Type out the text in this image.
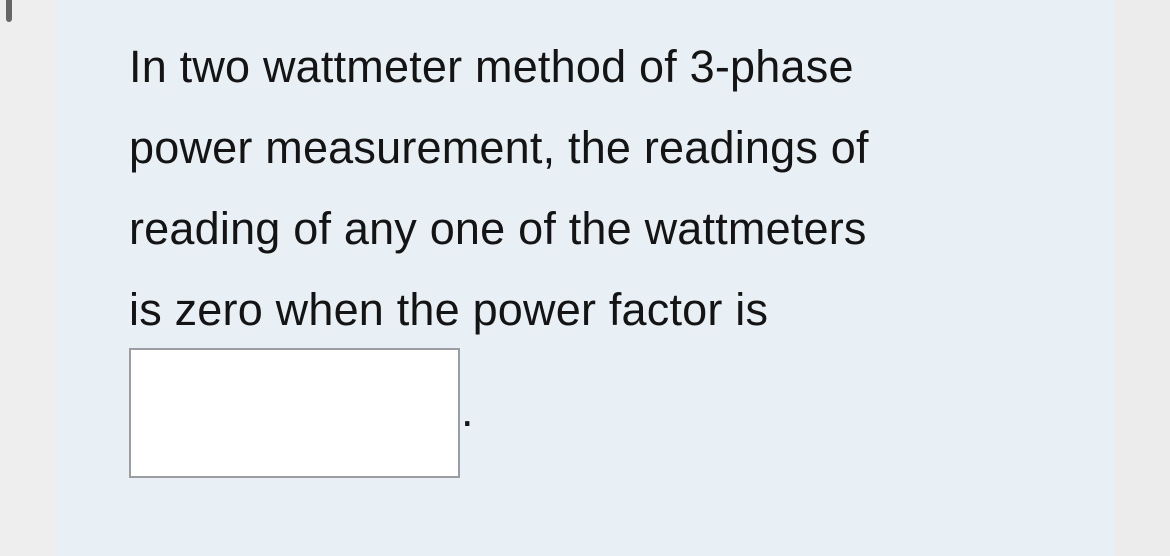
In two wattmeter method of 3-phase
power measurement, the readings of
reading of any one of the wattmeters
is zero when the power factor is

.
